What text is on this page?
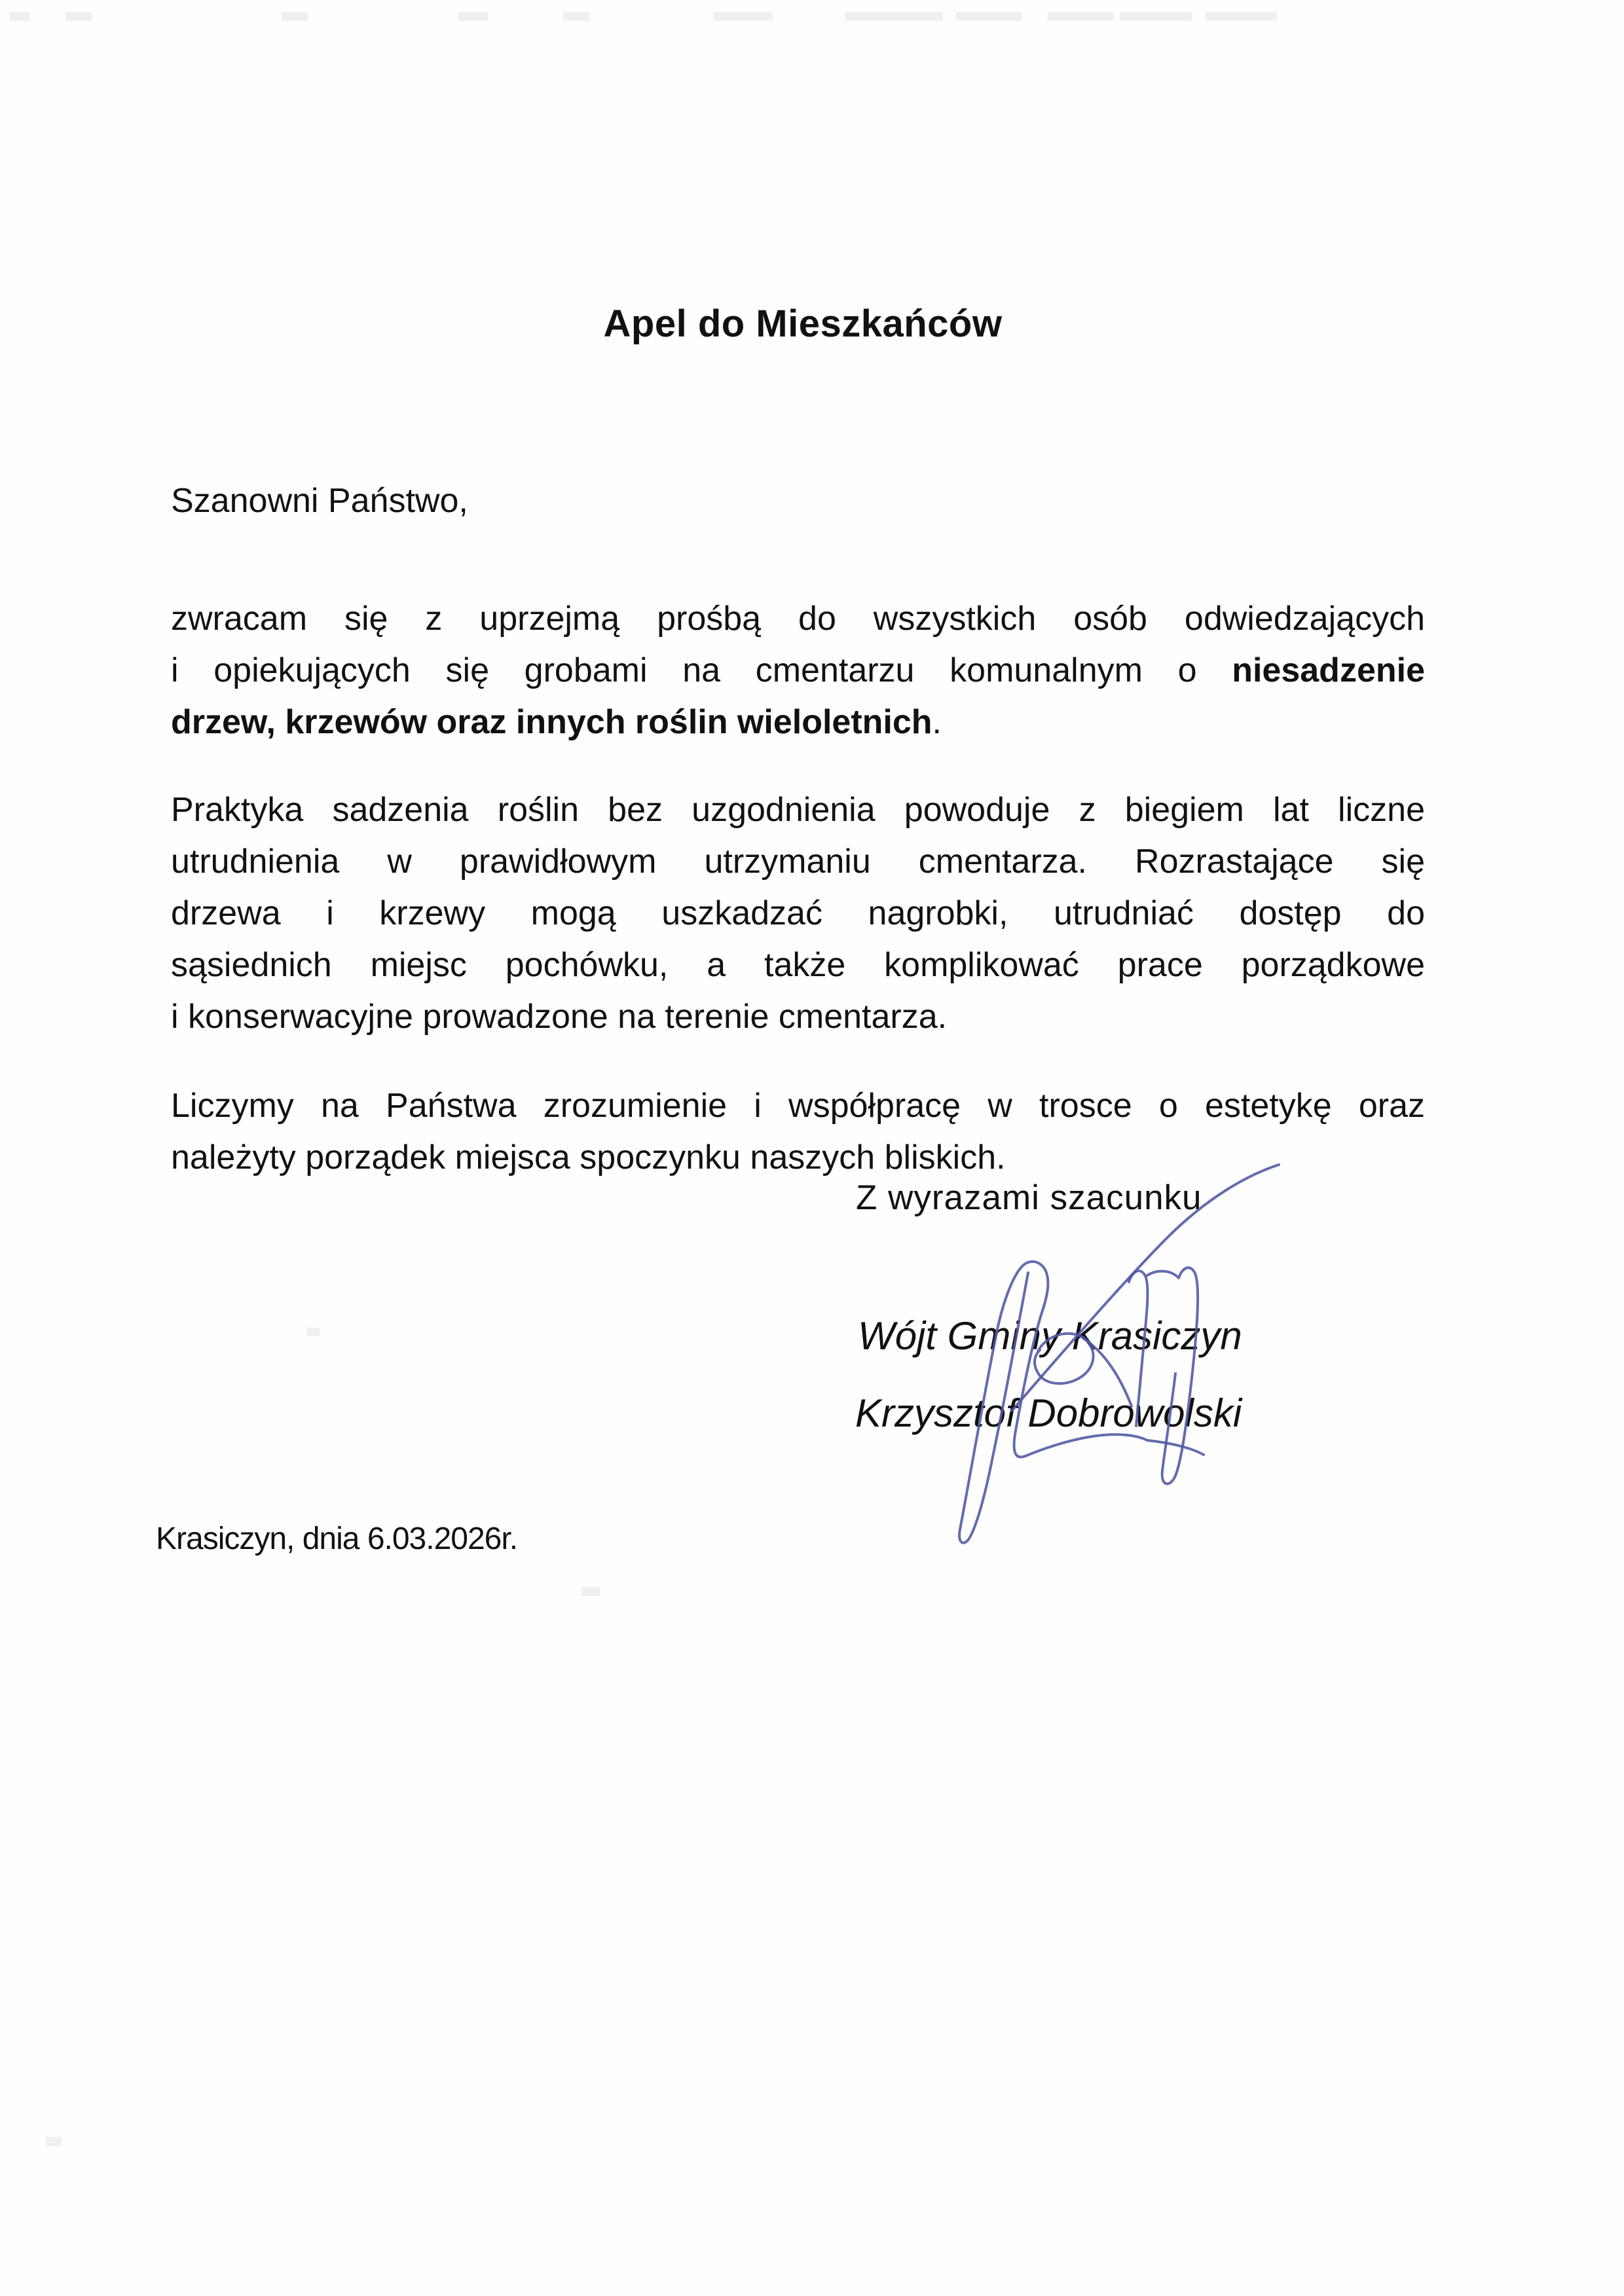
Apel do Mieszkańców
Szanowni Państwo,
zwracam się z uprzejmą prośbą do wszystkich osób odwiedzających
i opiekujących się grobami na cmentarzu komunalnym o niesadzenie
drzew, krzewów oraz innych roślin wieloletnich.
Praktyka sadzenia roślin bez uzgodnienia powoduje z biegiem lat liczne
utrudnienia w prawidłowym utrzymaniu cmentarza. Rozrastające się
drzewa i krzewy mogą uszkadzać nagrobki, utrudniać dostęp do
sąsiednich miejsc pochówku, a także komplikować prace porządkowe
i konserwacyjne prowadzone na terenie cmentarza.
Liczymy na Państwa zrozumienie i współpracę w trosce o estetykę oraz
należyty porządek miejsca spoczynku naszych bliskich.
Z wyrazami szacunku
Wójt Gminy Krasiczyn
Krzysztof Dobrowolski
Krasiczyn, dnia 6.03.2026r.
